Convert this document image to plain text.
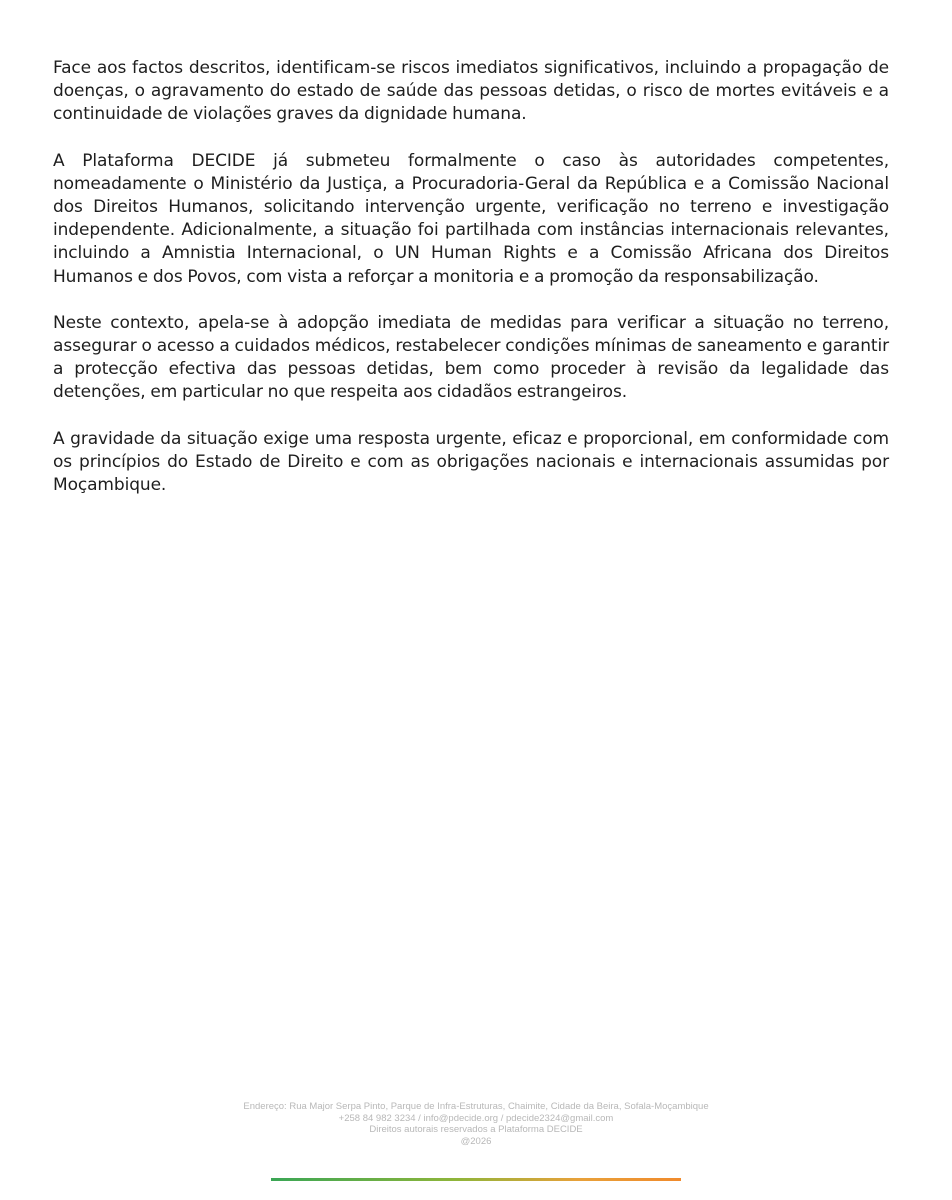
Face aos factos descritos, identificam-se riscos imediatos significativos, incluindo a propagação de doenças, o agravamento do estado de saúde das pessoas detidas, o risco de mortes evitáveis e a continuidade de violações graves da dignidade humana.

A Plataforma DECIDE já submeteu formalmente o caso às autoridades competentes, nomeadamente o Ministério da Justiça, a Procuradoria-Geral da República e a Comissão Nacional dos Direitos Humanos, solicitando intervenção urgente, verificação no terreno e investigação independente. Adicionalmente, a situação foi partilhada com instâncias internacionais relevantes, incluindo a Amnistia Internacional, o UN Human Rights e a Comissão Africana dos Direitos Humanos e dos Povos, com vista a reforçar a monitoria e a promoção da responsabilização.

Neste contexto, apela-se à adopção imediata de medidas para verificar a situação no terreno, assegurar o acesso a cuidados médicos, restabelecer condições mínimas de saneamento e garantir a protecção efectiva das pessoas detidas, bem como proceder à revisão da legalidade das detenções, em particular no que respeita aos cidadãos estrangeiros.

A gravidade da situação exige uma resposta urgente, eficaz e proporcional, em conformidade com os princípios do Estado de Direito e com as obrigações nacionais e internacionais assumidas por Moçambique.

Endereço: Rua Major Serpa Pinto, Parque de Infra-Estruturas, Chaimite, Cidade da Beira, Sofala-Moçambique
+258 84 982 3234 / info@pdecide.org / pdecide2324@gmail.com
Direitos autorais reservados a Plataforma DECIDE
@2026
